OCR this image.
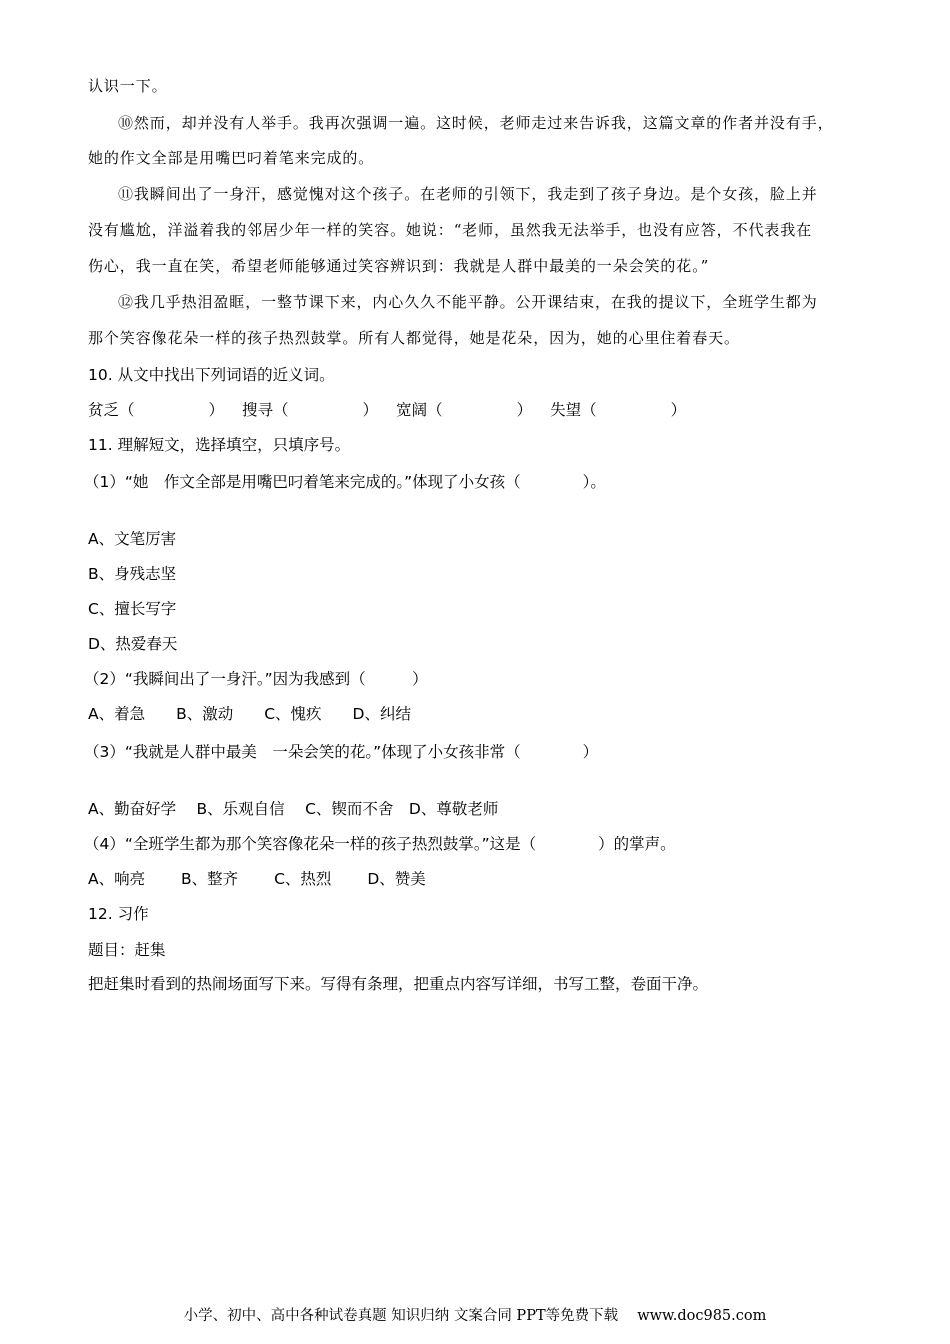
认识一下。
⑩然而，却并没有人举手。我再次强调一遍。这时候，老师走过来告诉我，这篇文章的作者并没有手，
她的作文全部是用嘴巴叼着笔来完成的。
⑪我瞬间出了一身汗，感觉愧对这个孩子。在老师的引领下，我走到了孩子身边。是个女孩，脸上并
没有尴尬，洋溢着我的邻居少年一样的笑容。她说：“老师，虽然我无法举手，也没有应答，不代表我在
伤心，我一直在笑，希望老师能够通过笑容辨识到：我就是人群中最美的一朵会笑的花。”
⑫我几乎热泪盈眶，一整节课下来，内心久久不能平静。公开课结束，在我的提议下，全班学生都为
那个笑容像花朵一样的孩子热烈鼓掌。所有人都觉得，她是花朵，因为，她的心里住着春天。
10. 从文中找出下列词语的近义词。
贫乏（	） 搜寻（	） 宽阔（	） 失望（	）
11. 理解短文，选择填空，只填序号。
（1）“她　作文全部是用嘴巴叼着笔来完成的。”体现了小女孩（　　　　）。
A、文笔厉害
B、身残志坚
C、擅长写字
D、热爱春天
（2）“我瞬间出了一身汗。”因为我感到（　　　）
A、着急　　B、激动　　C、愧疚　　D、纠结
（3）“我就是人群中最美　一朵会笑的花。”体现了小女孩非常（　　　　）
A、勤奋好学　 B、乐观自信　 C、锲而不舍　D、尊敬老师
（4）“全班学生都为那个笑容像花朵一样的孩子热烈鼓掌。”这是（　　　　）的掌声。
A、响亮　　 B、整齐　　 C、热烈　　 D、赞美
12. 习作
题目：赶集
把赶集时看到的热闹场面写下来。写得有条理，把重点内容写详细，书写工整，卷面干净。
小学、初中、高中各种试卷真题 知识归纳 文案合同 PPT等免费下载　 www.doc985.com
